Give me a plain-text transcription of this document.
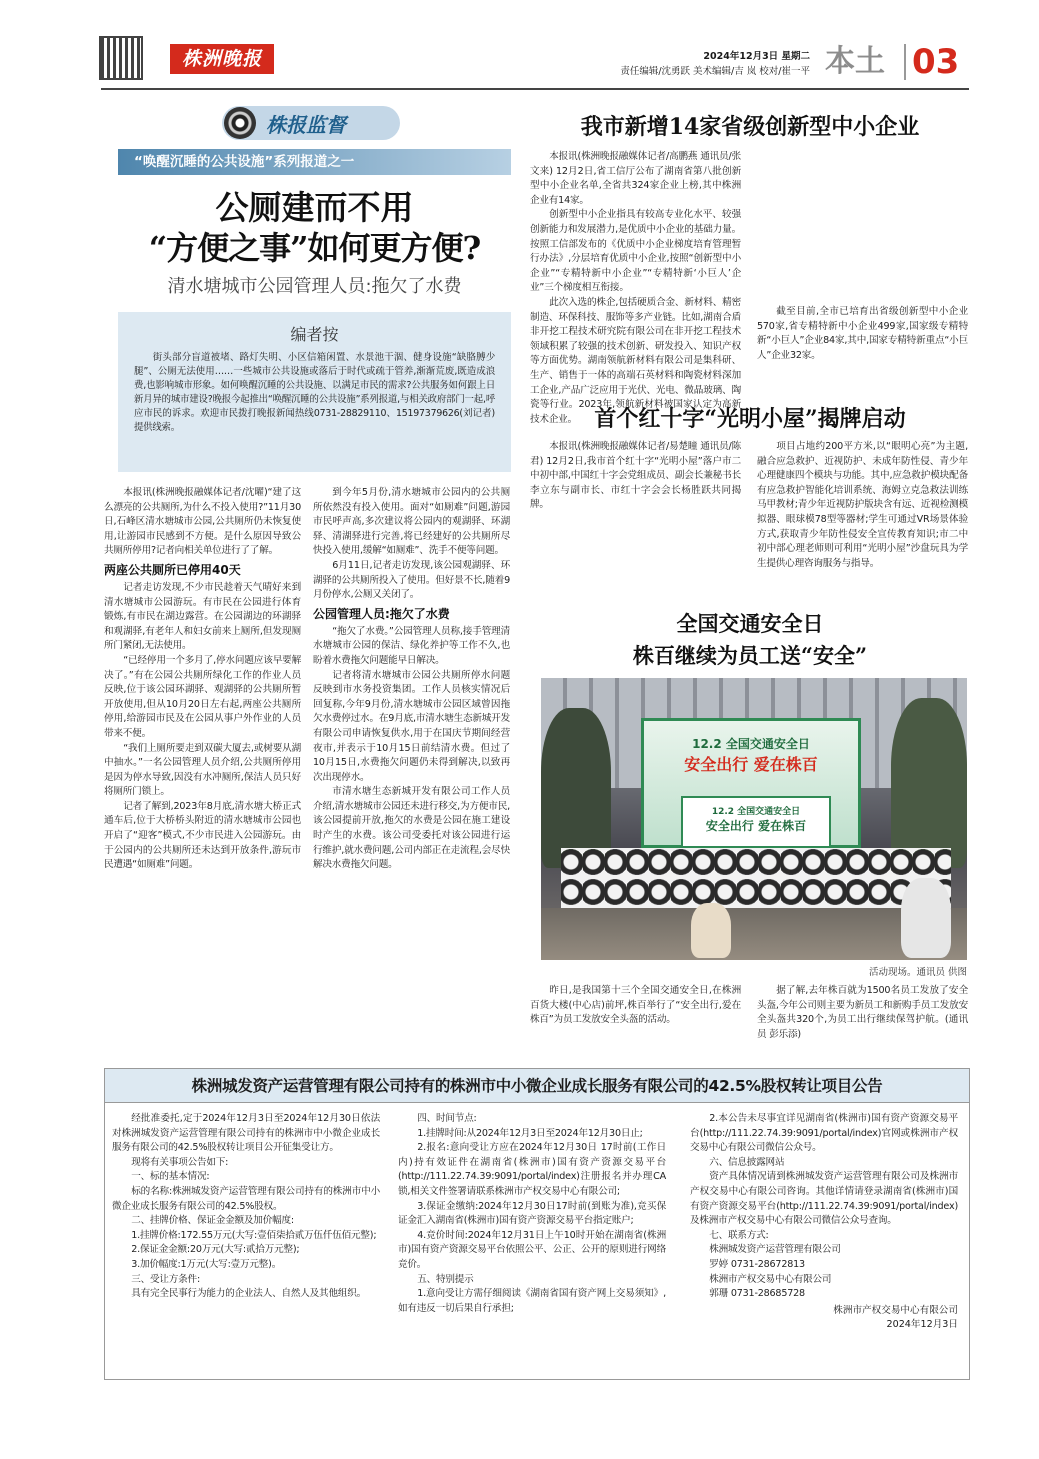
株洲晚报	2024年12月3日 星期二
责任编辑/沈勇跃 美术编辑/吉 岚 校对/崔一平 本土 03
株报监督
“唤醒沉睡的公共设施”系列报道之一
公厕建而不用
“方便之事”如何更方便?
清水塘城市公园管理人员:拖欠了水费
编者按

街头部分盲道被堵、路灯失明、小区信箱闲置、水景池干涸、健身设施“缺胳膊少腿”、公厕无法使用……一些城市公共设施或落后于时代或疏于管养,渐渐荒废,既造成浪费,也影响城市形象。如何唤醒沉睡的公共设施、以满足市民的需求?公共服务如何跟上日新月异的城市建设?晚报今起推出“唤醒沉睡的公共设施”系列报道,与相关政府部门一起,呼应市民的诉求。欢迎市民拨打晚报新闻热线0731-28829110、15197379626(刘记者)提供线索。

本报讯(株洲晚报融媒体记者/沈曜)“建了这么漂亮的公共厕所,为什么不投入使用?”11月30日,石峰区清水塘城市公园,公共厕所仍未恢复使用,让游园市民感到不方便。是什么原因导致公共厕所停用?记者向相关单位进行了了解。

两座公共厕所已停用40天

记者走访发现,不少市民趁着天气晴好来到清水塘城市公园游玩。有市民在公园进行体育锻炼,有市民在湖边露营。在公园湖边的环湖驿和观湖驿,有老年人和妇女前来上厕所,但发现厕所门紧闭,无法使用。

“已经停用一个多月了,停水问题应该早要解决了。”有在公园公共厕所绿化工作的作业人员反映,位于该公园环湖驿、观湖驿的公共厕所暂开放使用,但从10月20日左右起,两座公共厕所停用,给游园市民及在公园从事户外作业的人员带来不便。

“我们上厕所要走到双碳大厦去,或树要从湖中抽水。”一名公园管理人员介绍,公共厕所停用是因为停水导致,因没有水冲厕所,保洁人员只好将厕所门锁上。

记者了解到,2023年8月底,清水塘大桥正式通车后,位于大桥桥头附近的清水塘城市公园也开启了“迎客”模式,不少市民进入公园游玩。由于公园内的公共厕所还未达到开放条件,游玩市民遭遇“如厕难”问题。

到今年5月份,清水塘城市公园内的公共厕所依然没有投入使用。面对“如厕难”问题,游园市民呼声高,多次建议将公园内的观湖驿、环湖驿、清湖驿进行完善,将已经建好的公共厕所尽快投入使用,缓解“如厕难”、洗手不便等问题。

6月11日,记者走访发现,该公园观湖驿、环湖驿的公共厕所投入了使用。但好景不长,随着9月份停水,公厕又关闭了。

公园管理人员:拖欠了水费

“拖欠了水费。”公园管理人员称,接手管理清水塘城市公园的保洁、绿化养护等工作不久,也盼着水费拖欠问题能早日解决。

记者将清水塘城市公园公共厕所停水问题反映到市水务投资集团。工作人员核实情况后回复称,今年9月份,清水塘城市公园区域曾因拖欠水费停过水。在9月底,市清水塘生态新城开发有限公司申请恢复供水,用于在国庆节期间经营夜市,并表示于10月15日前结清水费。但过了10月15日,水费拖欠问题仍未得到解决,以致再次出现停水。

市清水塘生态新城开发有限公司工作人员介绍,清水塘城市公园还未进行移交,为方便市民,该公园提前开放,拖欠的水费是公园在施工建设时产生的水费。该公司受委托对该公园进行运行维护,就水费问题,公司内部正在走流程,会尽快解决水费拖欠问题。

我市新增14家省级创新型中小企业

本报讯(株洲晚报融媒体记者/高鹏燕 通讯员/张文来) 12月2日,省工信厅公布了湖南省第八批创新型中小企业名单,全省共324家企业上榜,其中株洲企业有14家。

创新型中小企业指具有较高专业化水平、较强创新能力和发展潜力,是优质中小企业的基础力量。按照工信部发布的《优质中小企业梯度培育管理暂行办法》,分层培育优质中小企业,按照“创新型中小企业”“专精特新中小企业”“专精特新‘小巨人’企业”三个梯度相互衔接。

此次入选的株企,包括硬质合金、新材料、精密制造、环保科技、服饰等多产业链。比如,湖南合盾非开挖工程技术研究院有限公司在非开挖工程技术领域积累了较强的技术创新、研发投入、知识产权等方面优势。湖南领航新材料有限公司是集科研、生产、销售于一体的高端石英材料和陶瓷材料深加工企业,产品广泛应用于光伏、光电、微晶玻璃、陶瓷等行业。2023年,领航新材料被国家认定为高新技术企业。

截至目前,全市已培育出省级创新型中小企业570家,省专精特新中小企业499家,国家级专精特新“小巨人”企业84家,其中,国家专精特新重点“小巨人”企业32家。

首个红十字“光明小屋”揭牌启动

本报讯(株洲晚报融媒体记者/易楚瞳 通讯员/陈君) 12月2日,我市首个红十字“光明小屋”落户市二中初中部,中国红十字会党组成员、副会长兼秘书长李立东与副市长、市红十字会会长杨胜跃共同揭牌。

项目占地约200平方米,以“眼明心亮”为主题,融合应急救护、近视防护、未成年防性侵、青少年心理健康四个模块与功能。其中,应急救护模块配备有应急救护智能化培训系统、海姆立克急救法训练马甲教材;青少年近视防护版块含有远、近视检测模拟器、眼球模78型等器材;学生可通过VR场景体验方式,获取青少年防性侵安全宣传教育知识;市二中初中部心理老师则可利用“光明小屋”沙盘玩具为学生提供心理咨询服务与指导。

全国交通安全日
株百继续为员工送“安全”
12.2 全国交通安全日
安全出行 爱在株百
12.2 全国交通安全日
安全出行 爱在株百
活动现场。通讯员 供图

昨日,是我国第十三个全国交通安全日,在株洲百货大楼(中心店)前坪,株百举行了“安全出行,爱在株百”为员工发放安全头盔的活动。

据了解,去年株百就为1500名员工发放了安全头盔,今年公司则主要为新员工和新购手员工发放安全头盔共320个,为员工出行继续保驾护航。(通讯员 彭乐添)

株洲城发资产运营管理有限公司持有的株洲市中小微企业成长服务有限公司的42.5%股权转让项目公告

经批准委托,定于2024年12月3日至2024年12月30日依法对株洲城发资产运营管理有限公司持有的株洲市中小微企业成长服务有限公司的42.5%股权转让项目公开征集受让方。

现将有关事项公告如下:

一、标的基本情况:

标的名称:株洲城发资产运营管理有限公司持有的株洲市中小微企业成长服务有限公司的42.5%股权。

二、挂牌价格、保证金金额及加价幅度:

1.挂牌价格:172.55万元(大写:壹佰柒拾贰万伍仟伍佰元整);

2.保证金金额:20万元(大写:贰拾万元整);

3.加价幅度:1万元(大写:壹万元整)。

三、受让方条件:

具有完全民事行为能力的企业法人、自然人及其他组织。

四、时间节点:

1.挂牌时间:从2024年12月3日至2024年12月30日止;

2.报名:意向受让方应在2024年12月30日 17时前(工作日内)持有效证件在湖南省(株洲市)国有资产资源交易平台(http://111.22.74.39:9091/portal/index)注册报名并办理CA锁,相关文件签署请联系株洲市产权交易中心有限公司;

3.保证金缴纳:2024年12月30日17时前(到账为准),竞买保证金汇入湖南省(株洲市)国有资产资源交易平台指定账户;

4.竞价时间:2024年12月31日上午10时开始在湖南省(株洲市)国有资产资源交易平台依照公平、公正、公开的原则进行网络竞价。

五、特别提示

1.意向受让方需仔细阅读《湖南省国有资产网上交易须知》,如有违反一切后果自行承担;

2.本公告未尽事宜详见湖南省(株洲市)国有资产资源交易平台(http://111.22.74.39:9091/portal/index)官网或株洲市产权交易中心有限公司微信公众号。

六、信息披露网站

资产具体情况请到株洲城发资产运营管理有限公司及株洲市产权交易中心有限公司咨询。其他详情请登录湖南省(株洲市)国有资产资源交易平台(http://111.22.74.39:9091/portal/index)及株洲市产权交易中心有限公司微信公众号查询。

七、联系方式:

株洲城发资产运营管理有限公司

罗婷 0731-28672813

株洲市产权交易中心有限公司

郭珊 0731-28685728

株洲市产权交易中心有限公司
2024年12月3日
